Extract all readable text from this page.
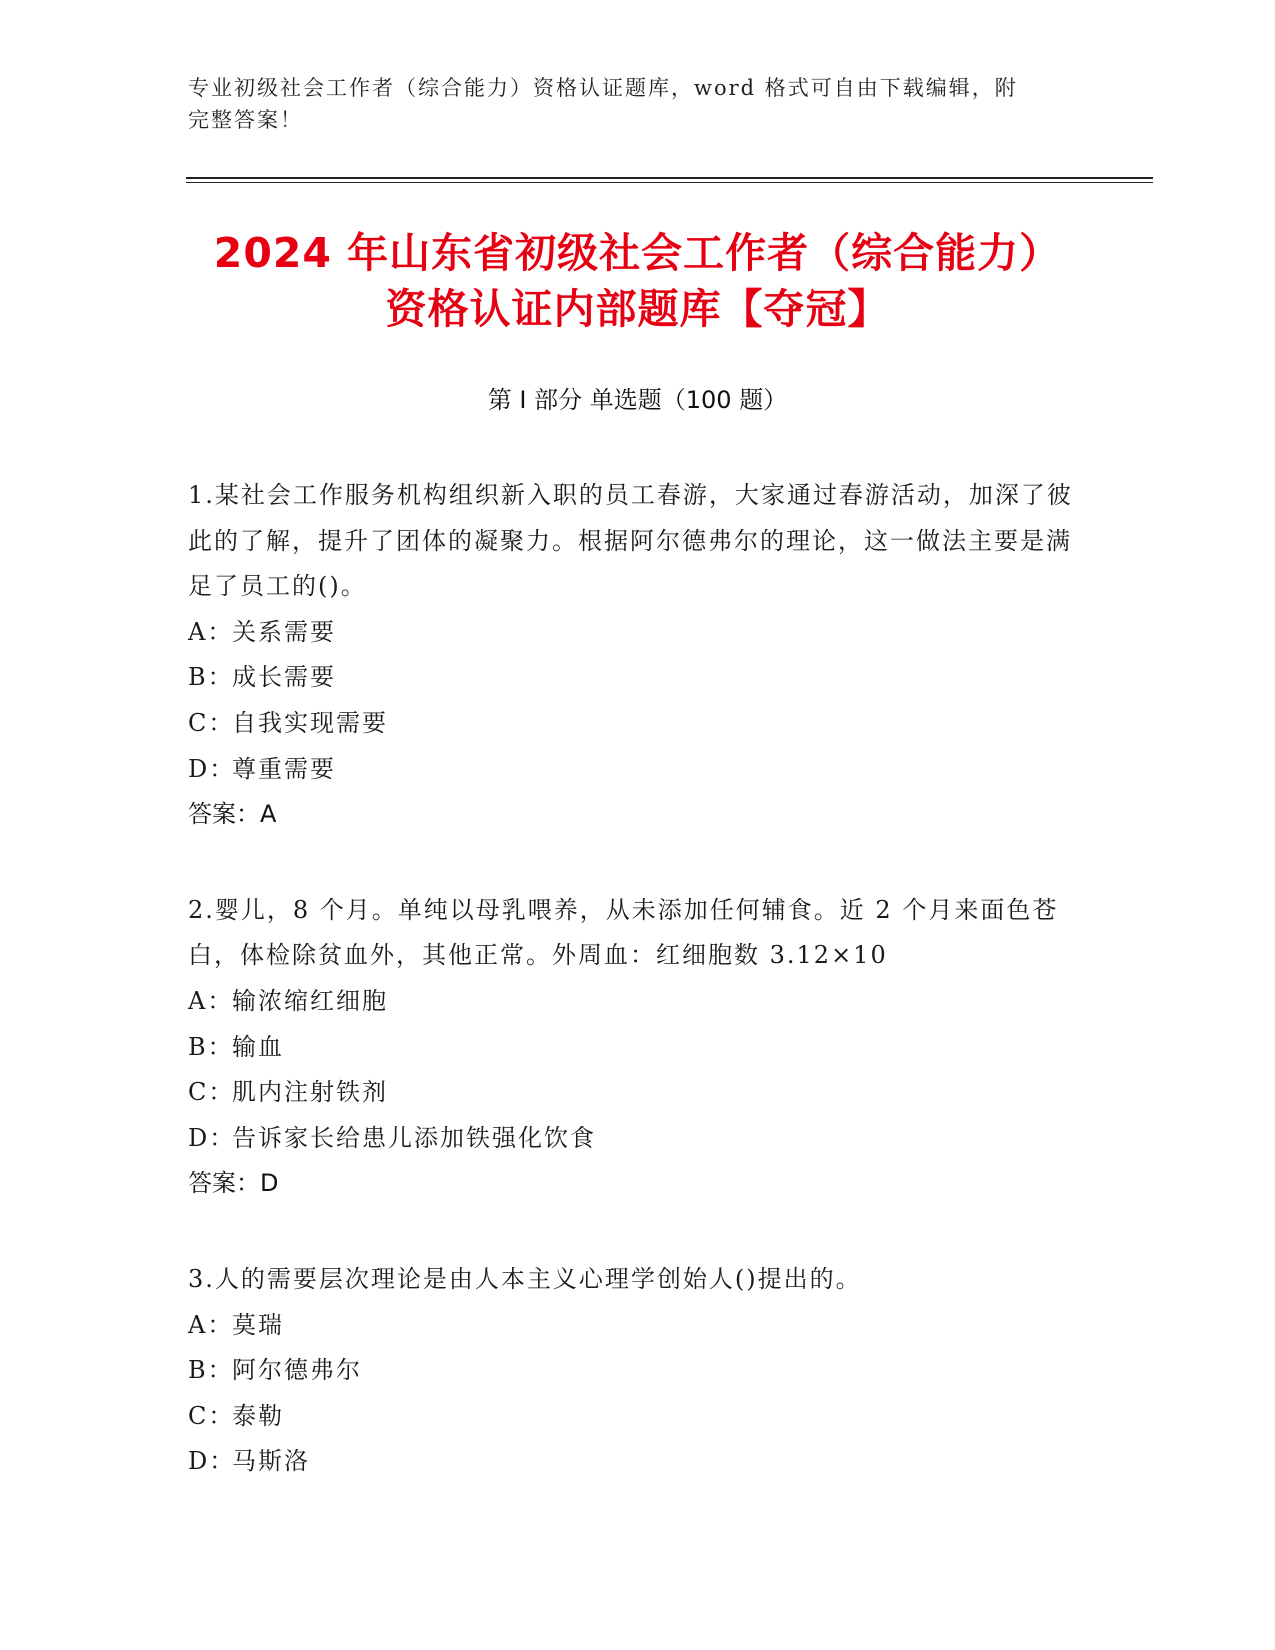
专业初级社会工作者（综合能力）资格认证题库，word 格式可自由下载编辑，附
完整答案！
2024 年山东省初级社会工作者（综合能力）
资格认证内部题库【夺冠】
第 I 部分 单选题（100 题）
1.某社会工作服务机构组织新入职的员工春游，大家通过春游活动，加深了彼此的了解，提升了团体的凝聚力。根据阿尔德弗尔的理论，这一做法主要是满足了员工的()。
A：关系需要
B：成长需要
C：自我实现需要
D：尊重需要
答案：A
2.婴儿，8 个月。单纯以母乳喂养，从未添加任何辅食。近 2 个月来面色苍白，体检除贫血外，其他正常。外周血：红细胞数 3.12×10
A：输浓缩红细胞
B：输血
C：肌内注射铁剂
D：告诉家长给患儿添加铁强化饮食
答案：D
3.人的需要层次理论是由人本主义心理学创始人()提出的。
A：莫瑞
B：阿尔德弗尔
C：泰勒
D：马斯洛
